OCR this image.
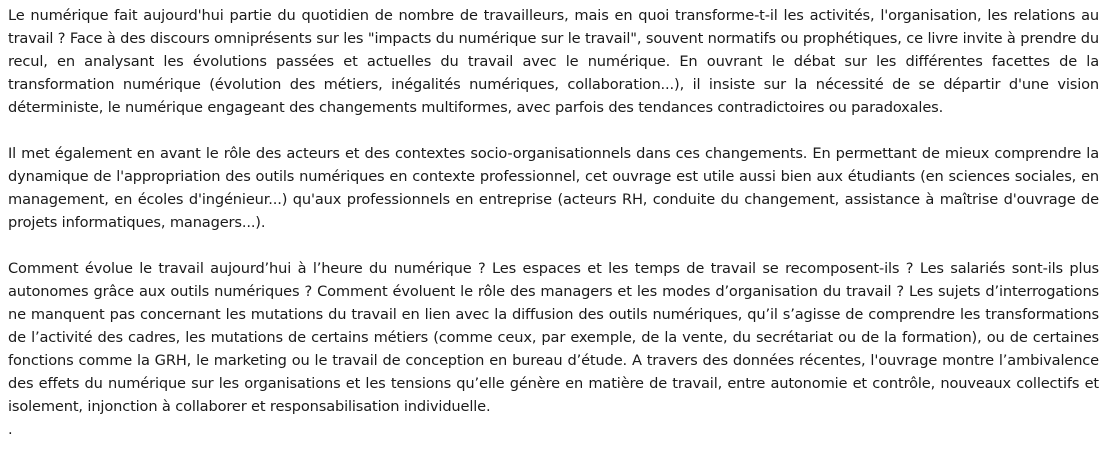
Le numérique fait aujourd'hui partie du quotidien de nombre de travailleurs, mais en quoi transforme-t-il les activités, l'organisation, les relations au travail ? Face à des discours omniprésents sur les "impacts du numérique sur le travail", souvent normatifs ou prophétiques, ce livre invite à prendre du recul, en analysant les évolutions passées et actuelles du travail avec le numérique. En ouvrant le débat sur les différentes facettes de la transformation numérique (évolution des métiers, inégalités numériques, collaboration...), il insiste sur la nécessité de se départir d'une vision déterministe, le numérique engageant des changements multiformes, avec parfois des tendances contradictoires ou paradoxales.

Il met également en avant le rôle des acteurs et des contextes socio-organisationnels dans ces changements. En permettant de mieux comprendre la dynamique de l'appropriation des outils numériques en contexte professionnel, cet ouvrage est utile aussi bien aux étudiants (en sciences sociales, en management, en écoles d'ingénieur...) qu'aux professionnels en entreprise (acteurs RH, conduite du changement, assistance à maîtrise d'ouvrage de projets informatiques, managers...).

Comment évolue le travail aujourd’hui à l’heure du numérique ? Les espaces et les temps de travail se recomposent-ils ? Les salariés sont-ils plus autonomes grâce aux outils numériques ? Comment évoluent le rôle des managers et les modes d’organisation du travail ? Les sujets d’interrogations ne manquent pas concernant les mutations du travail en lien avec la diffusion des outils numériques, qu’il s’agisse de comprendre les transformations de l’activité des cadres, les mutations de certains métiers (comme ceux, par exemple, de la vente, du secrétariat ou de la formation), ou de certaines fonctions comme la GRH, le marketing ou le travail de conception en bureau d’étude. A travers des données récentes, l'ouvrage montre l’ambivalence des effets du numérique sur les organisations et les tensions qu’elle génère en matière de travail, entre autonomie et contrôle, nouveaux collectifs et isolement, injonction à collaborer et responsabilisation individuelle.

.
